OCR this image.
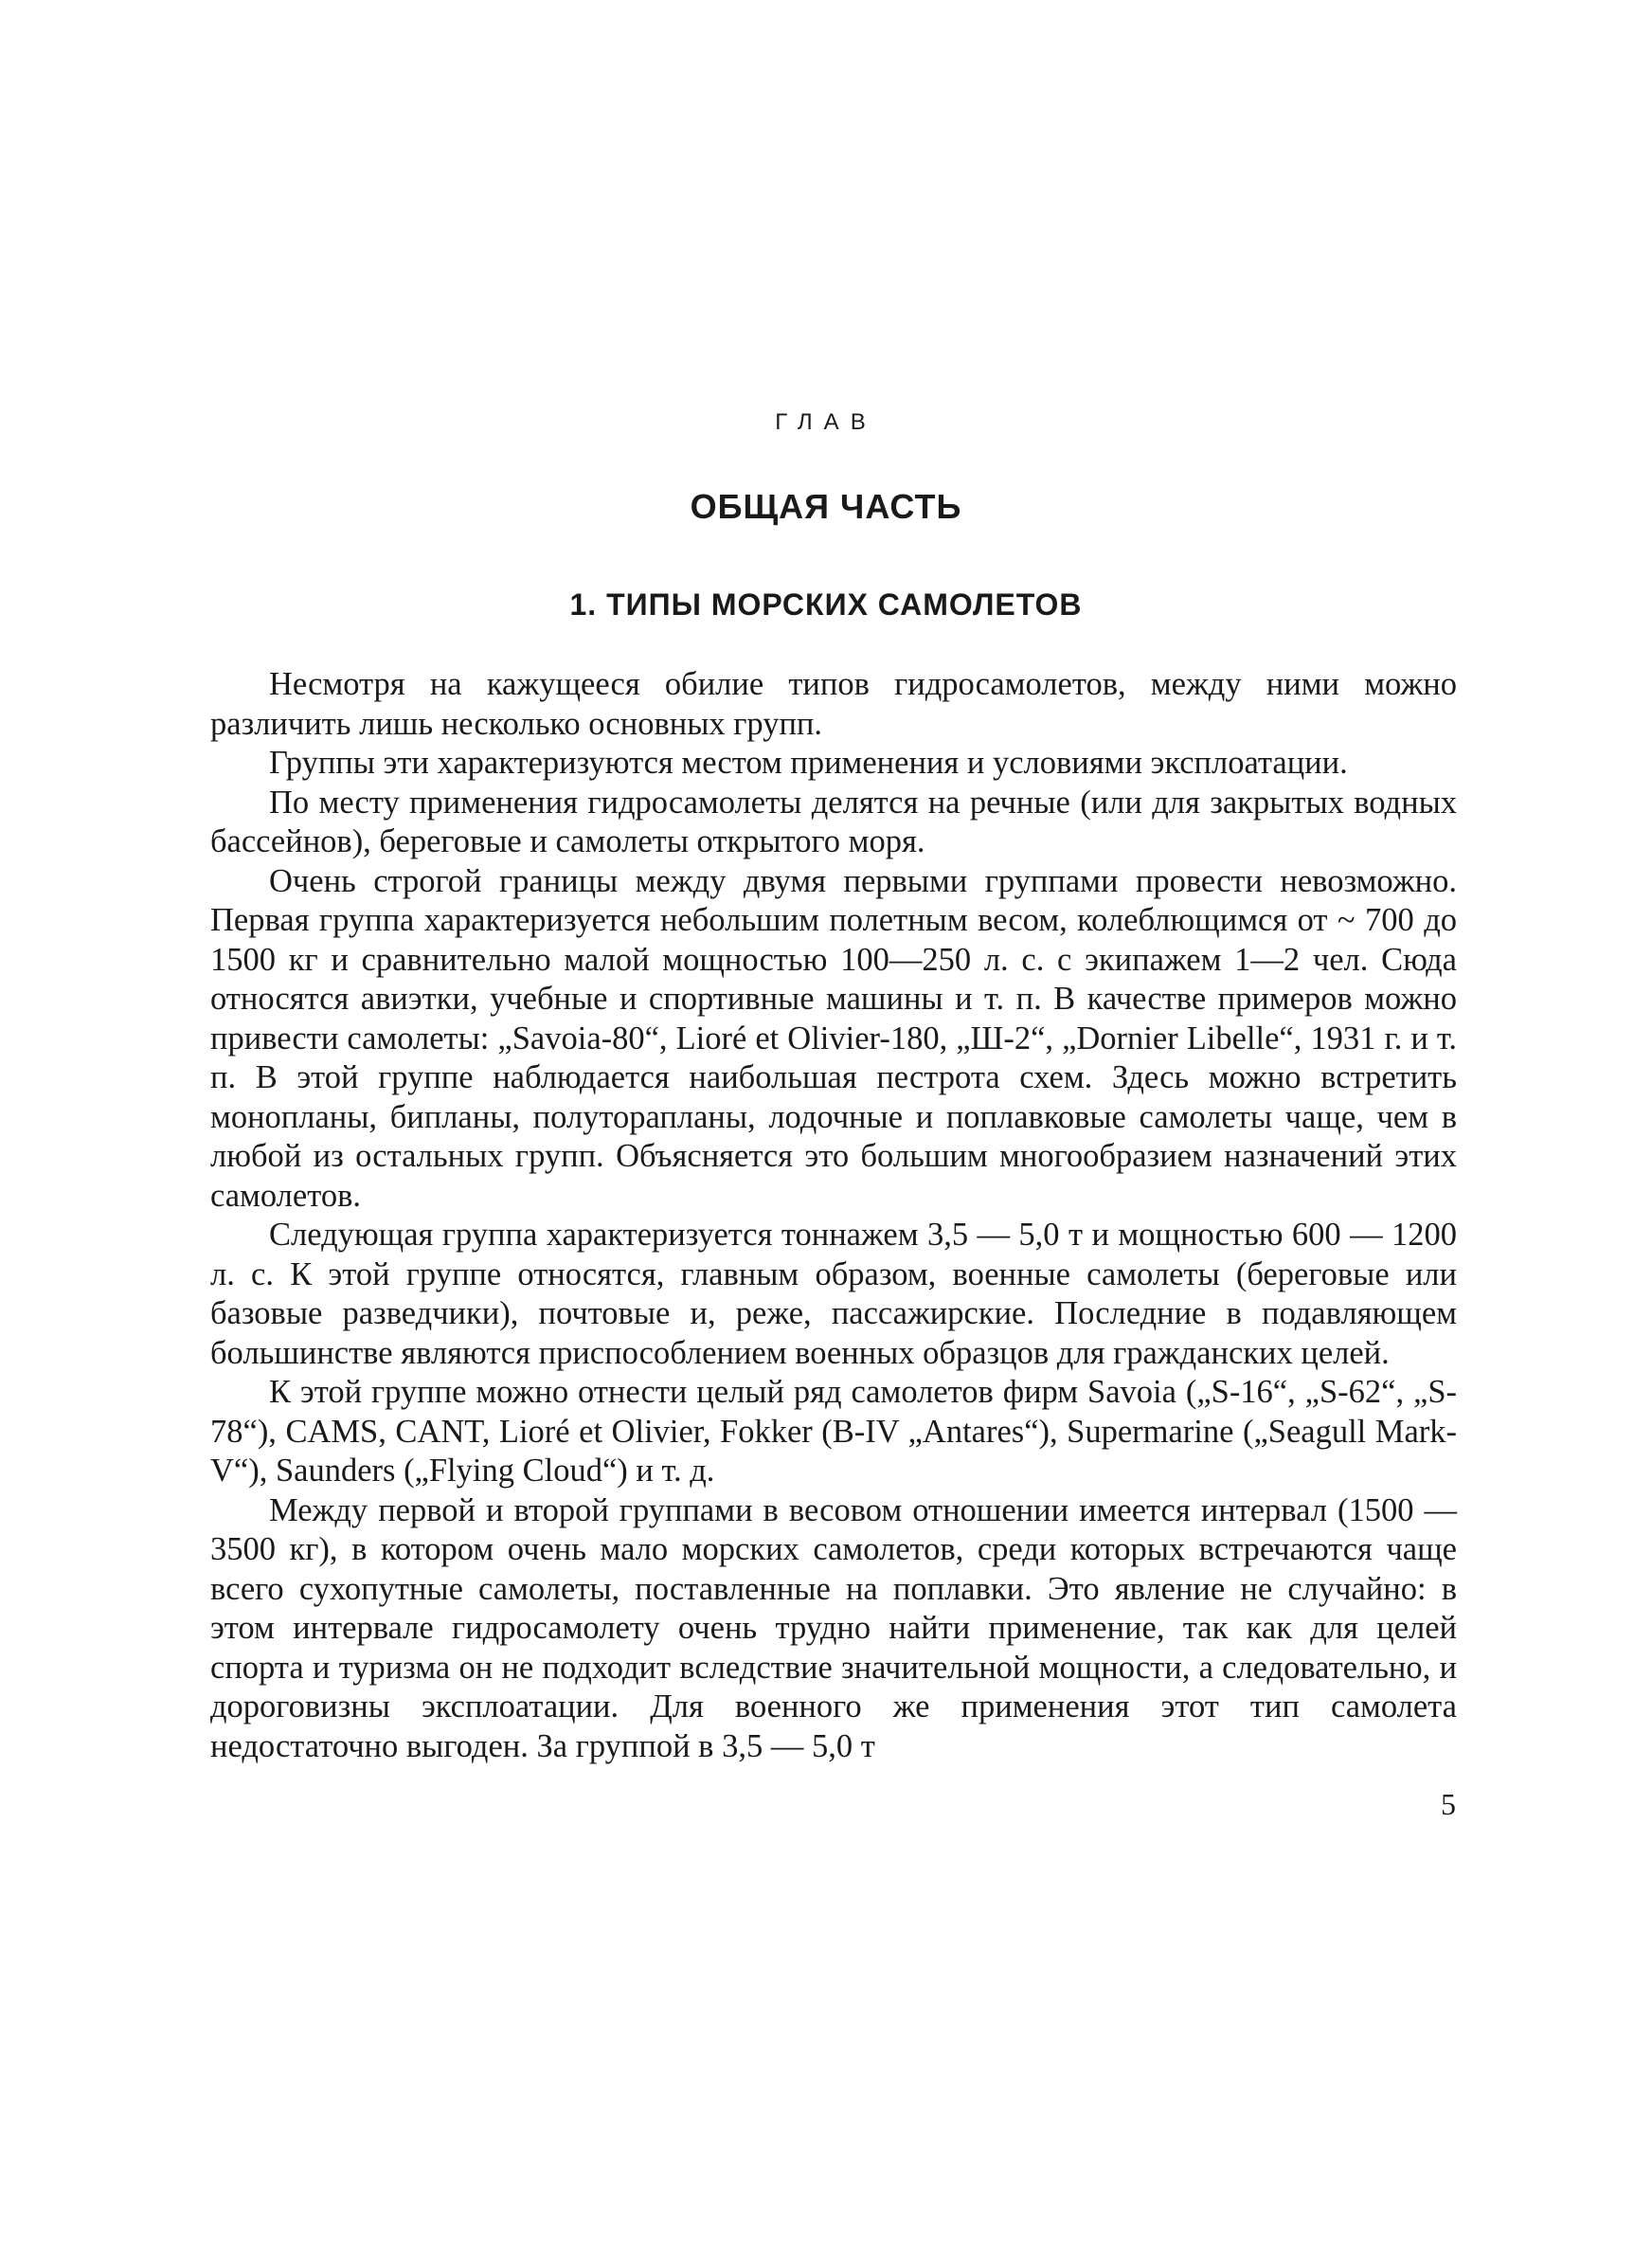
ГЛАВ
ОБЩАЯ ЧАСТЬ
1. ТИПЫ МОРСКИХ САМОЛЕТОВ

Несмотря на кажущееся обилие типов гидросамолетов, между ними можно различить лишь несколько основных групп.

Группы эти характеризуются местом применения и условиями эксплоатации.

По месту применения гидросамолеты делятся на речные (или для закрытых водных бассейнов), береговые и самолеты открытого моря.

Очень строгой границы между двумя первыми группами провести невозможно. Первая группа характеризуется небольшим полетным весом, колеблющимся от ~ 700 до 1500 кг и сравнительно малой мощностью 100—250 л. с. с экипажем 1—2 чел. Сюда относятся авиэтки, учебные и спортивные машины и т. п. В качестве примеров можно привести самолеты: „Savoia-80“, Lioré et Olivier-180, „Ш-2“, „Dornier Libelle“, 1931 г. и т. п. В этой группе наблюдается наибольшая пестрота схем. Здесь можно встретить монопланы, бипланы, полуторапланы, лодочные и поплавковые самолеты чаще, чем в любой из остальных групп. Объясняется это большим многообразием назначений этих самолетов.

Следующая группа характеризуется тоннажем 3,5 — 5,0 т и мощностью 600 — 1200 л. с. К этой группе относятся, главным образом, военные самолеты (береговые или базовые разведчики), почтовые и, реже, пассажирские. Последние в подавляющем большинстве являются приспособлением военных образцов для гражданских целей.

К этой группе можно отнести целый ряд самолетов фирм Savoia („S-16“, „S-62“, „S-78“), CAMS, CANT, Lioré et Olivier, Fokker (B-IV „Antares“), Supermarine („Seagull Mark-V“), Saunders („Flying Cloud“) и т. д.

Между первой и второй группами в весовом отношении имеется интервал (1500 — 3500 кг), в котором очень мало морских самолетов, среди которых встречаются чаще всего сухопутные самолеты, поставленные на поплавки. Это явление не случайно: в этом интервале гидросамолету очень трудно найти применение, так как для целей спорта и туризма он не подходит вследствие значительной мощности, а следовательно, и дороговизны эксплоатации. Для военного же применения этот тип самолета недостаточно выгоден. За группой в 3,5 — 5,0 т

5
